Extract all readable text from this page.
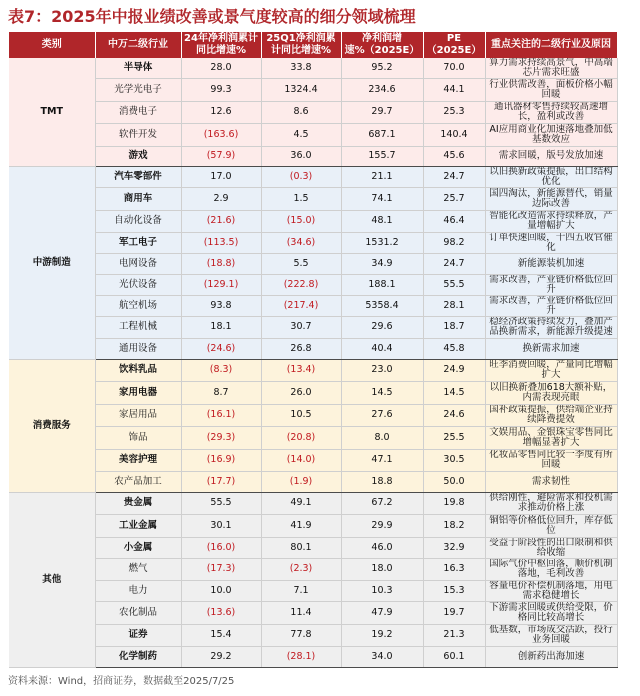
表7：2025年中报业绩改善或景气度较高的细分领域梳理
类别	中万二级行业	24年净利润累计同比增速%	25Q1净利润累计同比增速%	净利润增速%（2025E）	PE（2025E）	重点关注的二级行业及原因
TMT	半导体	28.0	33.8	95.2	70.0	算力需求持续高景气，中高端芯片需求旺盛
	光学光电子	99.3	1324.4	234.6	44.1	行业供需改善，面板价格小幅回暖
	消费电子	12.6	8.6	29.7	25.3	通讯器材零售持续较高速增长，盈利或改善
	软件开发	(163.6)	4.5	687.1	140.4	AI应用商业化加速落地叠加低基数效应
	游戏	(57.9)	36.0	155.7	45.6	需求回暖，版号发放加速
中游制造	汽车零部件	17.0	(0.3)	21.1	24.7	以旧换新政策提振，出口结构优化
	商用车	2.9	1.5	74.1	25.7	国四淘汰，新能源替代，销量边际改善
	自动化设备	(21.6)	(15.0)	48.1	46.4	智能化改造需求持续释放，产量增幅扩大
	军工电子	(113.5)	(34.6)	1531.2	98.2	订单快速回暖，十四五收官催化
	电网设备	(18.8)	5.5	34.9	24.7	新能源装机加速
	光伏设备	(129.1)	(222.8)	188.1	55.5	需求改善，产业链价格低位回升
	航空机场	93.8	(217.4)	5358.4	28.1	需求改善，产业链价格低位回升
	工程机械	18.1	30.7	29.6	18.7	稳经济政策持续发力，叠加产品换新需求，新能源升级提速
	通用设备	(24.6)	26.8	40.4	45.8	换新需求加速
消费服务	饮料乳品	(8.3)	(13.4)	23.0	24.9	旺季消费回暖，产量同比增幅扩大
	家用电器	8.7	26.0	14.5	14.5	以旧换新叠加618大额补贴，内需表现亮眼
	家居用品	(16.1)	10.5	27.6	24.6	国补政策提振，供给端企业持续降费提效
	饰品	(29.3)	(20.8)	8.0	25.5	文娱用品、金银珠宝零售同比增幅显著扩大
	美容护理	(16.9)	(14.0)	47.1	30.5	化妆品零售同比较一季度有所回暖
	农产品加工	(17.7)	(1.9)	18.8	50.0	需求韧性
其他	贵金属	55.5	49.1	67.2	19.8	供给刚性，避险需求和投机需求推动价格上涨
	工业金属	30.1	41.9	29.9	18.2	铜铝等价格低位回升，库存低位
	小金属	(16.0)	80.1	46.0	32.9	受益于阶段性的出口限制和供给收缩
	燃气	(17.3)	(2.3)	18.0	16.3	国际气价中枢回落，顺价机制落地，毛利改善
	电力	10.0	7.1	10.3	15.3	容量电价补偿机制落地，用电需求稳健增长
	农化制品	(13.6)	11.4	47.9	19.7	下游需求回暖或供给受限，价格同比较高增长
	证券	15.4	77.8	19.2	21.3	低基数，市场成交活跃，投行业务回暖
	化学制药	29.2	(28.1)	34.0	60.1	创新药出海加速
资料来源：Wind，招商证券，数据截至2025/7/25
